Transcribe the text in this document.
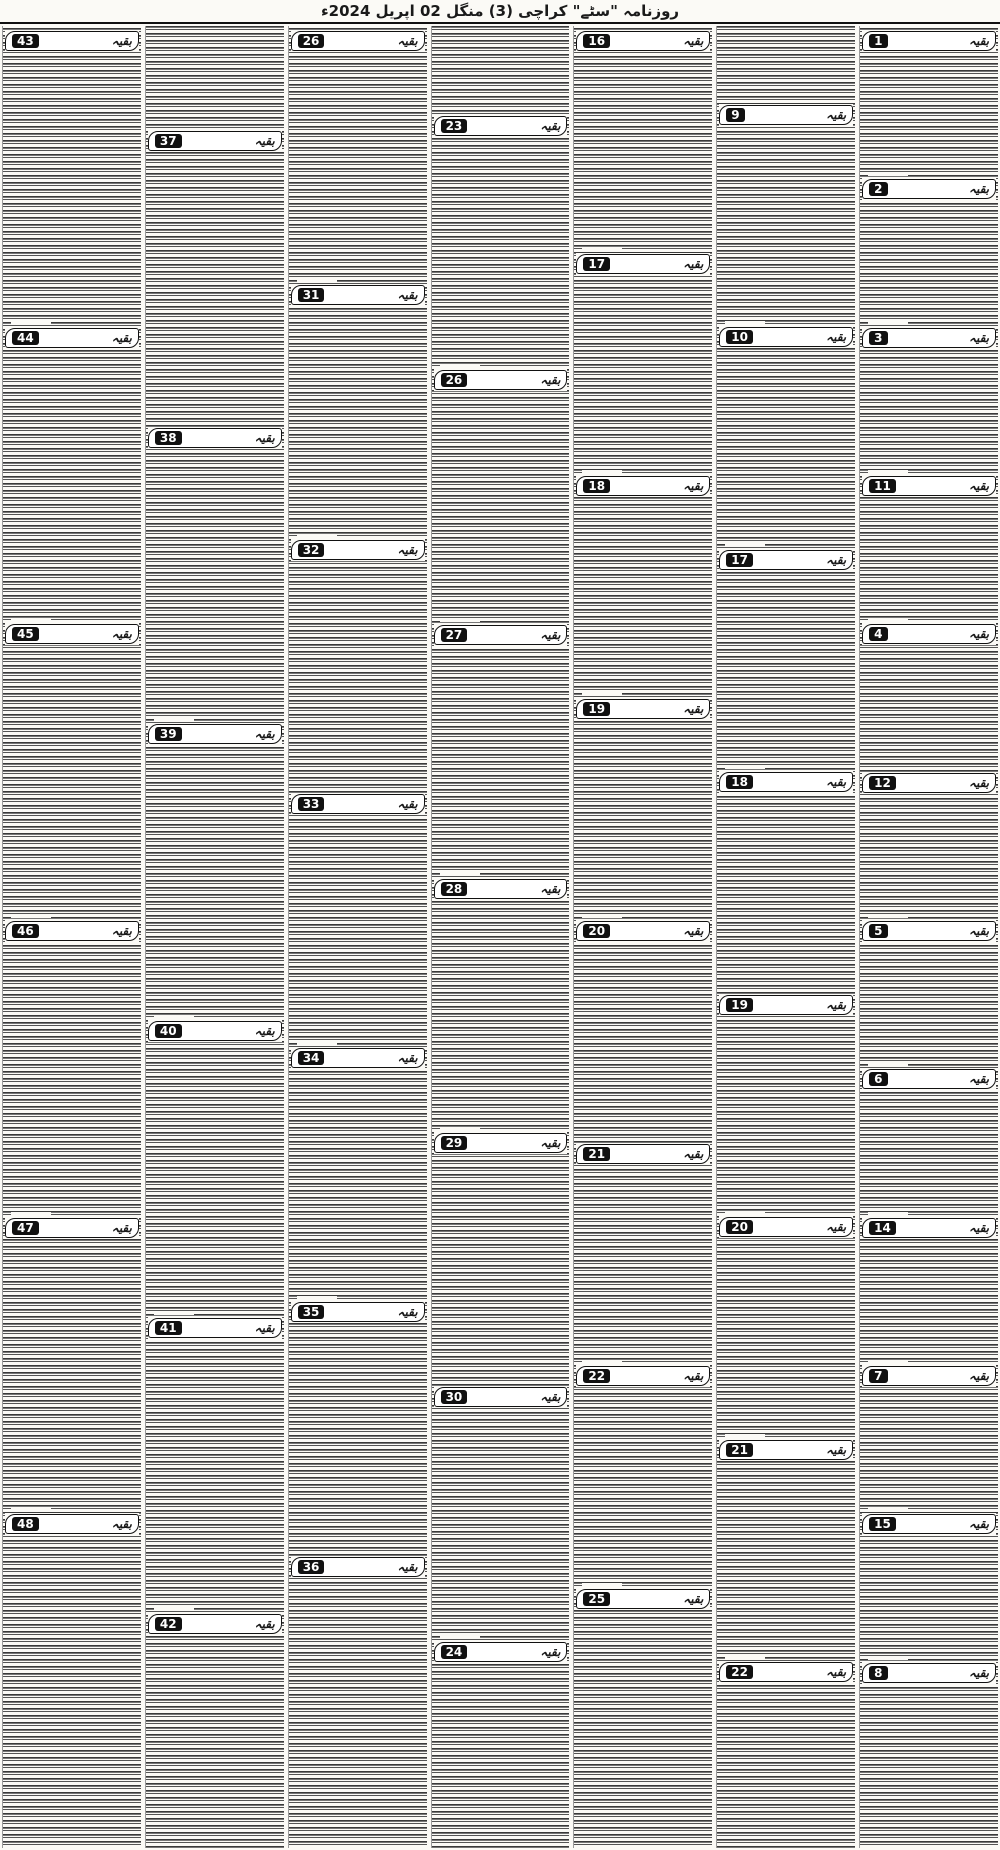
روزنامہ "سٹے" کراچی (3) منگل 02 اپریل 2024ء
1	بقیہ
2	بقیہ
3	بقیہ
11	بقیہ
4	بقیہ
12	بقیہ
5	بقیہ
6	بقیہ
14	بقیہ
7	بقیہ
15	بقیہ
8	بقیہ
9	بقیہ
10	بقیہ
17	بقیہ
18	بقیہ
19	بقیہ
20	بقیہ
21	بقیہ
22	بقیہ
16	بقیہ
17	بقیہ
18	بقیہ
19	بقیہ
20	بقیہ
21	بقیہ
22	بقیہ
25	بقیہ
23	بقیہ
26	بقیہ
27	بقیہ
28	بقیہ
29	بقیہ
30	بقیہ
24	بقیہ
26	بقیہ
31	بقیہ
32	بقیہ
33	بقیہ
34	بقیہ
35	بقیہ
36	بقیہ
37	بقیہ
38	بقیہ
39	بقیہ
40	بقیہ
41	بقیہ
42	بقیہ
43	بقیہ
44	بقیہ
45	بقیہ
46	بقیہ
47	بقیہ
48	بقیہ
